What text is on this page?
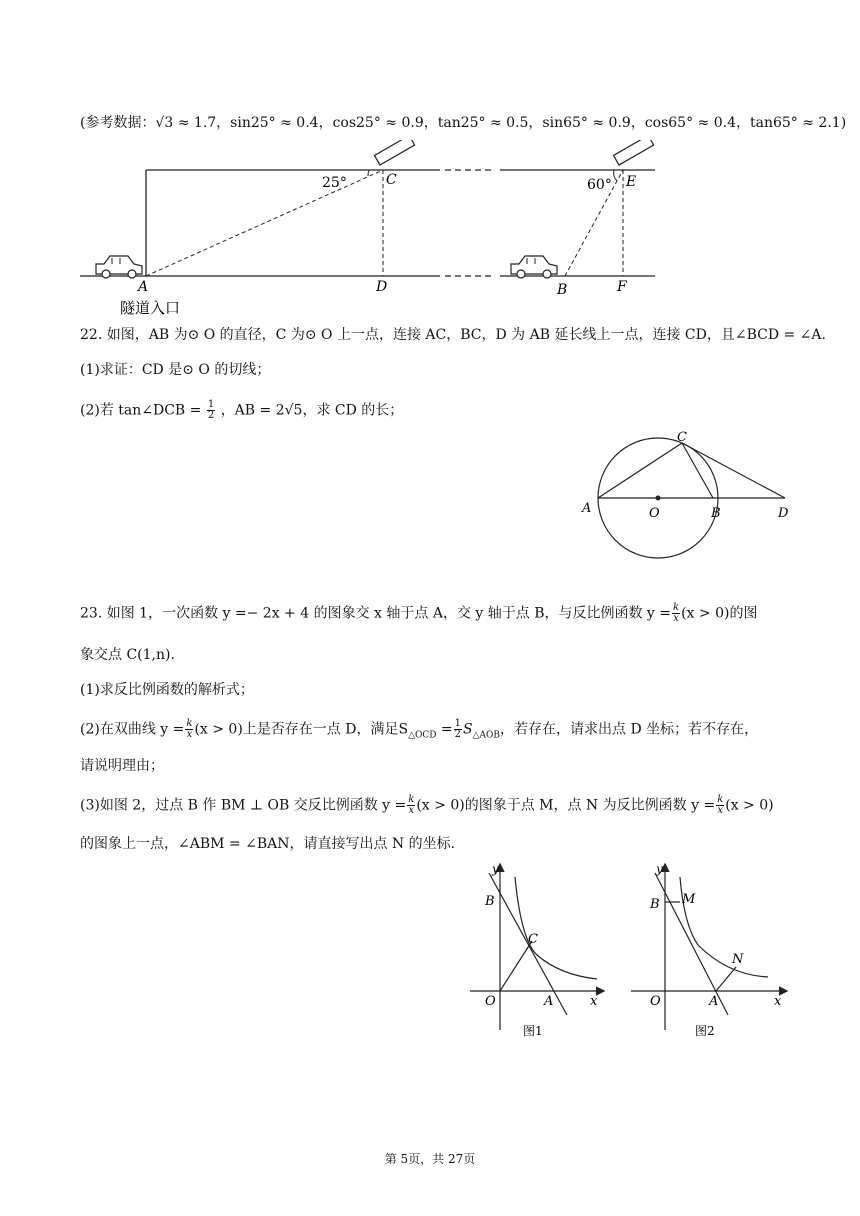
(参考数据：√3 ≈ 1.7，sin25° ≈ 0.4，cos25° ≈ 0.9，tan25° ≈ 0.5，sin65° ≈ 0.9，cos65° ≈ 0.4，tan65° ≈ 2.1)
25°	C	60° E
A	D	B	F
隧道入口
22. 如图，AB 为⊙ O 的直径，C 为⊙ O 上一点，连接 AC，BC，D 为 AB 延长线上一点，连接 CD，且∠BCD = ∠A.
(1)求证：CD 是⊙ O 的切线；
(2)若 tan∠DCB = $\frac{1}{2}$ ，AB = 2√5，求 CD 的长；
A	O	B
C
D
23. 如图 1，一次函数 y =− 2x + 4 的图象交 x 轴于点 A，交 y 轴于点 B，与反比例函数 $y = \frac{k}{x} (x > 0)$的图
象交点 C(1,n).
(1)求反比例函数的解析式；
(2)在双曲线 $y = \frac{k}{x} (x > 0)$上是否存在一点 D，满足$S_{\triangle OCD} = \frac{1}{2} S_{\triangle AOB}$，若存在，请求出点 D 坐标；若不存在，
请说明理由；
(3)如图 2，过点 B 作 BM ⊥ OB 交反比例函数 $y = \frac{k}{x} (x > 0)$的图象于点 M，点 N 为反比例函数 $y = \frac{k}{x} (x > 0)$
的图象上一点，∠ABM = ∠BAN，请直接写出点 N 的坐标.
y
B
C
O	A	x
图1
y
B M
N
O	A	x
图2
第 5页，共 27页
